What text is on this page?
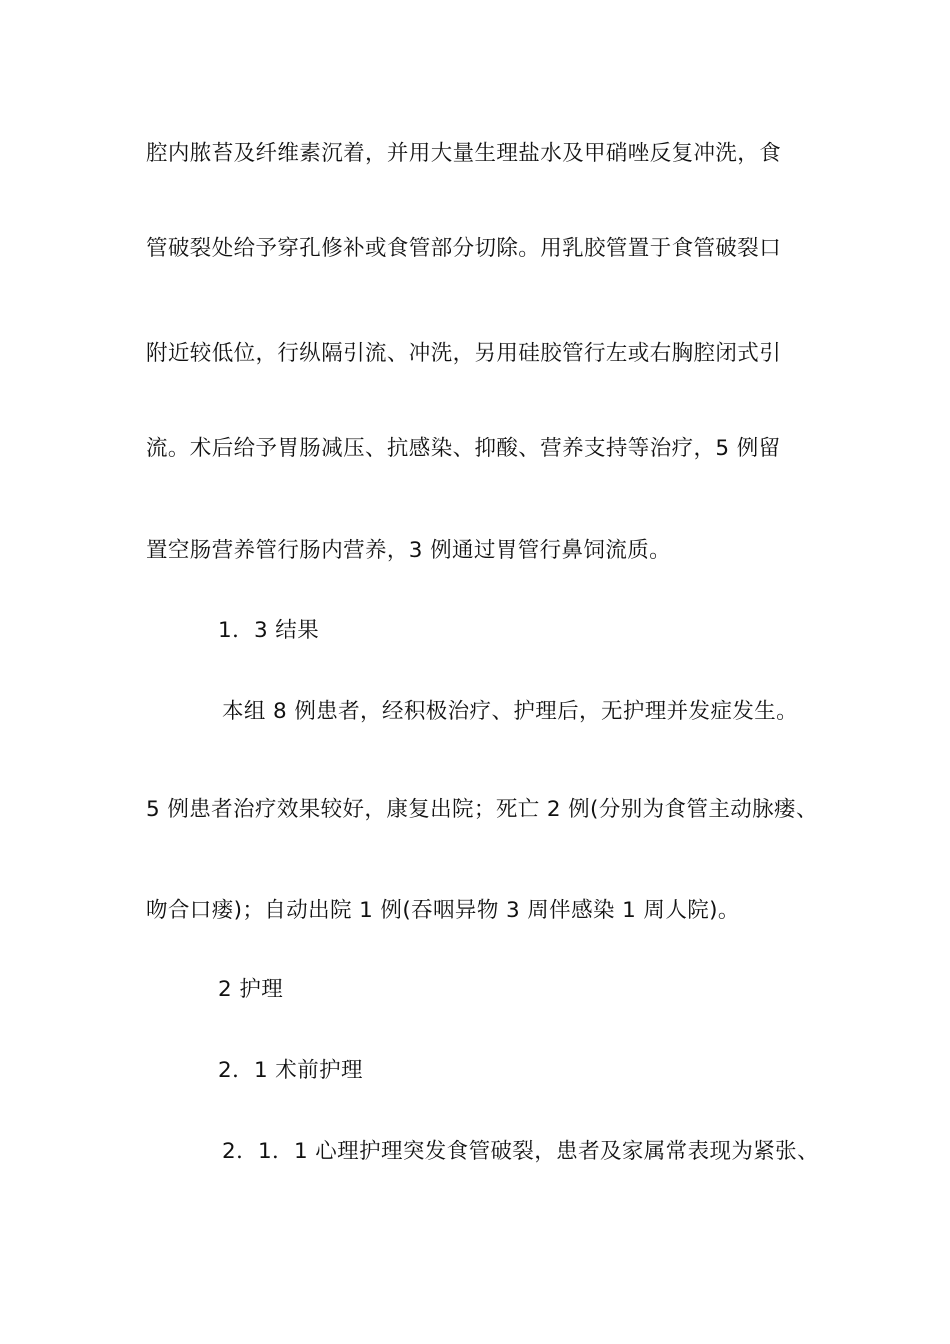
腔内脓苔及纤维素沉着，并用大量生理盐水及甲硝唑反复冲洗，食
管破裂处给予穿孔修补或食管部分切除。用乳胶管置于食管破裂口
附近较低位，行纵隔引流、冲洗，另用硅胶管行左或右胸腔闭式引
流。术后给予胃肠减压、抗感染、抑酸、营养支持等治疗，5 例留
置空肠营养管行肠内营养，3 例通过胃管行鼻饲流质。
1．3 结果
本组 8 例患者，经积极治疗、护理后，无护理并发症发生。
5 例患者治疗效果较好，康复出院；死亡 2 例(分别为食管主动脉瘘、
吻合口瘘)；自动出院 1 例(吞咽异物 3 周伴感染 1 周人院)。
2 护理
2．1 术前护理
2．1．1 心理护理突发食管破裂，患者及家属常表现为紧张、
